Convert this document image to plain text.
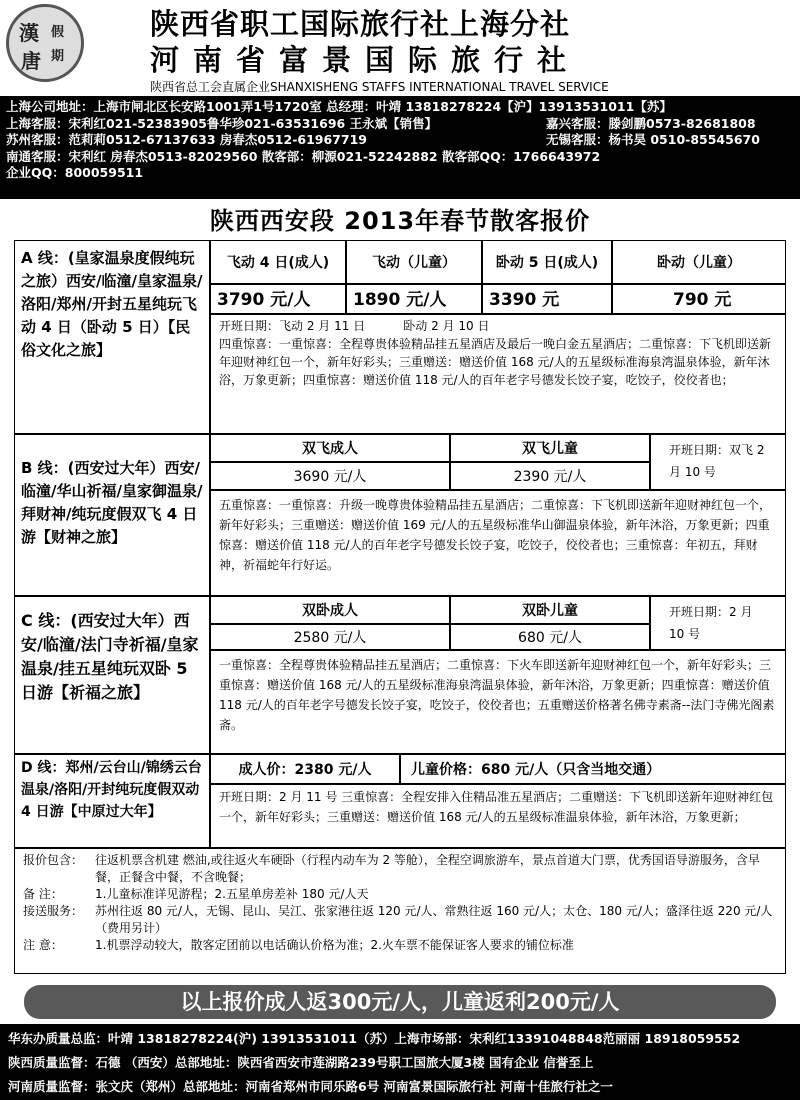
漢 假
唐 期
陕西省职工国际旅行社上海分社
河南省富景国际旅行社
陕西省总工会直属企业SHANXISHENG STAFFS INTERNATIONAL TRAVEL SERVICE
上海公司地址：上海市闸北区长安路1001弄1号1720室 总经理：叶靖 13818278224【沪】13913531011【苏】
上海客服：宋利红021-52383905鲁华珍021-63531696 王永斌【销售】	嘉兴客服：滕剑鹏0573-82681808
苏州客服：范莉莉0512-67137633 房春杰0512-61967719	无锡客服：杨书昊 0510-85545670
南通客服：宋利红 房春杰0513-82029560 散客部：柳源021-52242882 散客部QQ：1766643972
企业QQ：800059511
陕西西安段 2013年春节散客报价
A 线：(皇家温泉度假纯玩之旅）西安/临潼/皇家温泉/洛阳/郑州/开封五星纯玩飞动 4 日（卧动 5 日）【民俗文化之旅】
飞动 4 日(成人)	飞动（儿童）	卧动 5 日(成人)	卧动（儿童）
3790 元/人	1890 元/人	3390 元	790 元
开班日期：飞动 2 月 11 日          卧动 2 月 10 日
四重惊喜：一重惊喜：全程尊贵体验精品挂五星酒店及最后一晚白金五星酒店；二重惊喜：下飞机即送新年迎财神红包一个，新年好彩头；三重赠送：赠送价值 168 元/人的五星级标准海泉湾温泉体验，新年沐浴，万象更新；四重惊喜：赠送价值 118 元/人的百年老字号德发长饺子宴，吃饺子，佼佼者也；
B 线：(西安过大年）西安/临潼/华山祈福/皇家御温泉/拜财神/纯玩度假双飞 4 日游【财神之旅】
双飞成人	双飞儿童
3690 元/人	2390 元/人
开班日期：双飞 2 月 10 号
五重惊喜：一重惊喜：升级一晚尊贵体验精品挂五星酒店；二重惊喜：下飞机即送新年迎财神红包一个，新年好彩头；三重赠送：赠送价值 169 元/人的五星级标准华山御温泉体验，新年沐浴，万象更新；四重惊喜：赠送价值 118 元/人的百年老字号德发长饺子宴，吃饺子，佼佼者也；三重惊喜：年初五，拜财神，祈福蛇年行好运。
C 线：(西安过大年）西安/临潼/法门寺祈福/皇家温泉/挂五星纯玩双卧 5 日游【祈福之旅】
双卧成人	双卧儿童
2580 元/人	680 元/人
开班日期：2 月 10 号
一重惊喜：全程尊贵体验精品挂五星酒店；二重惊喜：下火车即送新年迎财神红包一个，新年好彩头；三重惊喜：赠送价值 168 元/人的五星级标准海泉湾温泉体验，新年沐浴，万象更新；四重惊喜：赠送价值 118 元/人的百年老字号德发长饺子宴，吃饺子，佼佼者也；五重赠送价格著名佛寺素斋--法门寺佛光阁素斋。
D 线：郑州/云台山/锦绣云台温泉/洛阳/开封纯玩度假双动 4 日游【中原过大年】
成人价：2380 元/人	儿童价格：680 元/人（只含当地交通）
开班日期：2 月 11 号 三重惊喜：全程安排入住精品准五星酒店；二重赠送：下飞机即送新年迎财神红包一个，新年好彩头；三重赠送：赠送价值 168 元/人的五星级标准温泉体验，新年沐浴，万象更新；
报价包含： 往返机票含机建 燃油,或往返火车硬卧（行程内动车为 2 等舱），全程空调旅游车，景点首道大门票，优秀国语导游服务，含早餐，正餐含中餐，不含晚餐；
备 注：	1.儿童标准详见游程；2.五星单房差补 180 元/人天
接送服务： 苏州往返 80 元/人，无锡、昆山、吴江、张家港往返 120 元/人、常熟往返 160 元/人；太仓、180 元/人；盛泽往返 220 元/人（费用另计）
注 意：	1.机票浮动较大，散客定团前以电话确认价格为准；2.火车票不能保证客人要求的铺位标准
以上报价成人返300元/人，儿童返利200元/人
华东办质量总监：叶靖 13818278224(沪) 13913531011（苏）上海市场部：宋利红13391048848范丽丽 18918059552
陕西质量监督：石德 （西安）总部地址：陕西省西安市莲湖路239号职工国旅大厦3楼 国有企业 信誉至上
河南质量监督：张文庆（郑州）总部地址：河南省郑州市同乐路6号 河南富景国际旅行社 河南十佳旅行社之一
